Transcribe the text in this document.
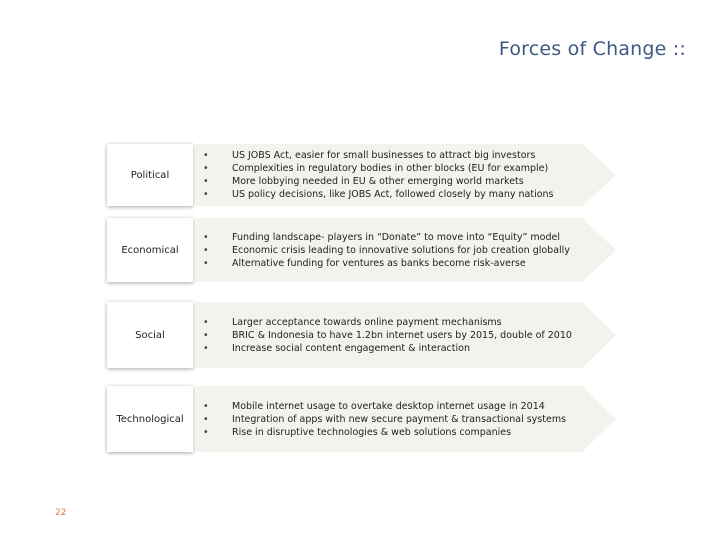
Forces of Change ::
Political
• US JOBS Act, easier for small businesses to attract big investors
• Complexities in regulatory bodies in other blocks (EU for example)
• More lobbying needed in EU & other emerging world markets
• US policy decisions, like JOBS Act, followed closely by many nations
Economical
• Funding landscape- players in “Donate” to move into “Equity” model
• Economic crisis leading to innovative solutions for job creation globally
• Alternative funding for ventures as banks become risk-averse
Social
• Larger acceptance towards online payment mechanisms
• BRIC & Indonesia to have 1.2bn internet users by 2015, double of 2010
• Increase social content engagement & interaction
Technological
• Mobile internet usage to overtake desktop internet usage in 2014
• Integration of apps with new secure payment & transactional systems
• Rise in disruptive technologies & web solutions companies
22
